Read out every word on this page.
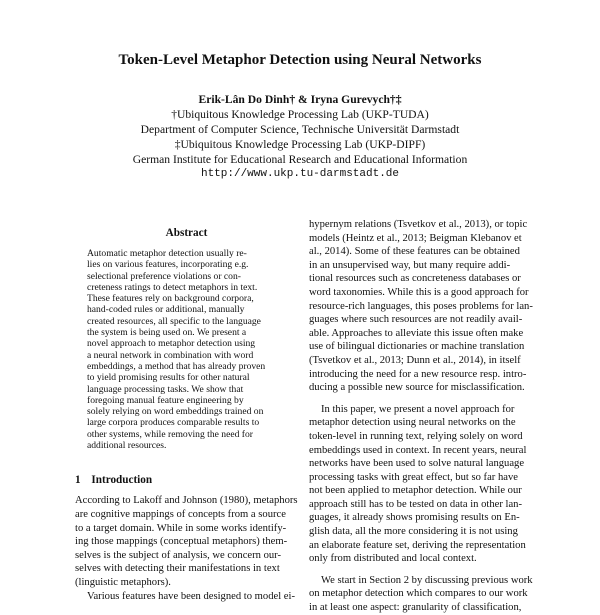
Token-Level Metaphor Detection using Neural Networks
Erik-Lân Do Dinh† & Iryna Gurevych†‡
†Ubiquitous Knowledge Processing Lab (UKP-TUDA)
Department of Computer Science, Technische Universität Darmstadt
‡Ubiquitous Knowledge Processing Lab (UKP-DIPF)
German Institute for Educational Research and Educational Information
http://www.ukp.tu-darmstadt.de
Abstract
Automatic metaphor detection usually re-
lies on various features, incorporating e.g.
selectional preference violations or con-
creteness ratings to detect metaphors in text.
These features rely on background corpora,
hand-coded rules or additional, manually
created resources, all specific to the language
the system is being used on. We present a
novel approach to metaphor detection using
a neural network in combination with word
embeddings, a method that has already proven
to yield promising results for other natural
language processing tasks. We show that
foregoing manual feature engineering by
solely relying on word embeddings trained on
large corpora produces comparable results to
other systems, while removing the need for
additional resources.
1 Introduction
According to Lakoff and Johnson (1980), metaphors
are cognitive mappings of concepts from a source
to a target domain. While in some works identify-
ing those mappings (conceptual metaphors) them-
selves is the subject of analysis, we concern our-
selves with detecting their manifestations in text
(linguistic metaphors).
Various features have been designed to model ei-
hypernym relations (Tsvetkov et al., 2013), or topic
models (Heintz et al., 2013; Beigman Klebanov et
al., 2014). Some of these features can be obtained
in an unsupervised way, but many require addi-
tional resources such as concreteness databases or
word taxonomies. While this is a good approach for
resource-rich languages, this poses problems for lan-
guages where such resources are not readily avail-
able. Approaches to alleviate this issue often make
use of bilingual dictionaries or machine translation
(Tsvetkov et al., 2013; Dunn et al., 2014), in itself
introducing the need for a new resource resp. intro-
ducing a possible new source for misclassification.
In this paper, we present a novel approach for
metaphor detection using neural networks on the
token-level in running text, relying solely on word
embeddings used in context. In recent years, neural
networks have been used to solve natural language
processing tasks with great effect, but so far have
not been applied to metaphor detection. While our
approach still has to be tested on data in other lan-
guages, it already shows promising results on En-
glish data, all the more considering it is not using
an elaborate feature set, deriving the representation
only from distributed and local context.
We start in Section 2 by discussing previous work
on metaphor detection which compares to our work
in at least one aspect: granularity of classification,
